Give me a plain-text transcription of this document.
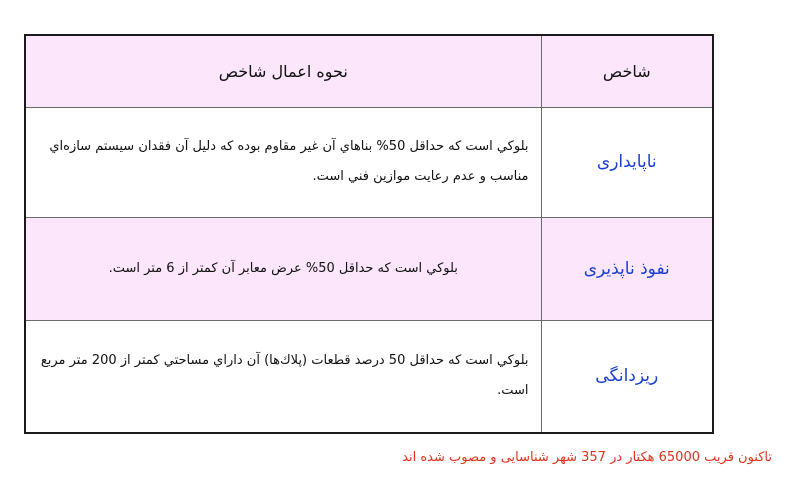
شاخص	نحوه اعمال شاخص
ناپایداری	بلوكي است كه حداقل 50% بناهاي آن غير مقاوم بوده كه دليل آن فقدان سيستم سازه‌اي مناسب و عدم رعايت موازين فني است.
نفوذ ناپذیری	بلوكي است كه حداقل 50% عرض معابر آن كمتر از 6 متر است.
ریزدانگی	بلوكي است كه حداقل 50 درصد قطعات (پلاك‌ها) آن داراي مساحتي كمتر از 200 متر مربع است.
تاکنون قریب 65000 هکتار در 357 شهر شناسایی و مصوب شده اند
